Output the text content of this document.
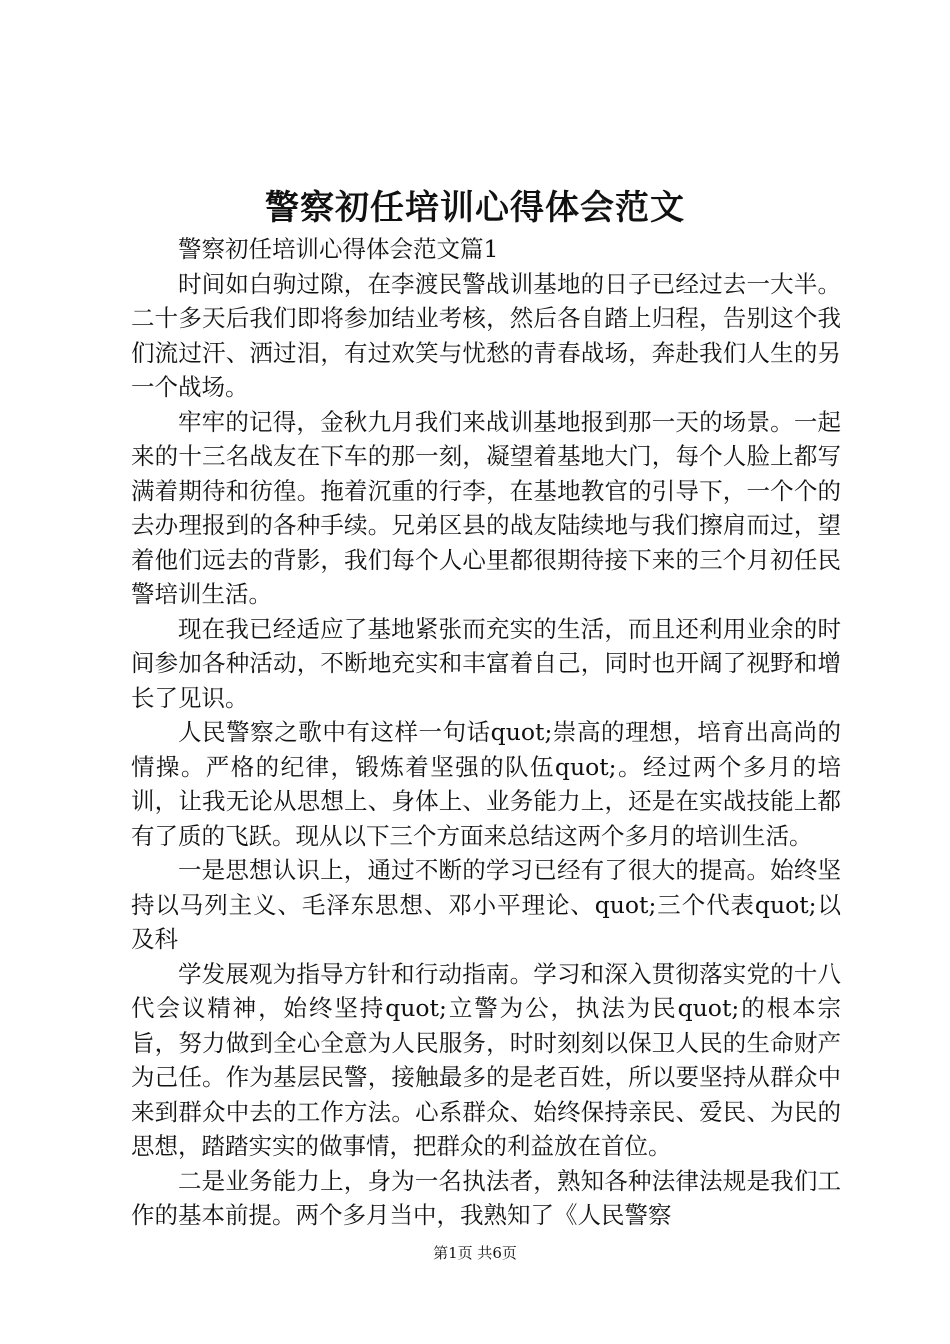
警察初任培训心得体会范文

警察初任培训心得体会范文篇1

时间如白驹过隙，在李渡民警战训基地的日子已经过去一大半。二十多天后我们即将参加结业考核，然后各自踏上归程，告别这个我们流过汗、洒过泪，有过欢笑与忧愁的青春战场，奔赴我们人生的另一个战场。

牢牢的记得，金秋九月我们来战训基地报到那一天的场景。一起来的十三名战友在下车的那一刻，凝望着基地大门，每个人脸上都写满着期待和彷徨。拖着沉重的行李，在基地教官的引导下，一个个的去办理报到的各种手续。兄弟区县的战友陆续地与我们擦肩而过，望着他们远去的背影，我们每个人心里都很期待接下来的三个月初任民警培训生活。

现在我已经适应了基地紧张而充实的生活，而且还利用业余的时间参加各种活动，不断地充实和丰富着自己，同时也开阔了视野和增长了见识。

人民警察之歌中有这样一句话quot;崇高的理想，培育出高尚的情操。严格的纪律，锻炼着坚强的队伍quot;。经过两个多月的培训，让我无论从思想上、身体上、业务能力上，还是在实战技能上都有了质的飞跃。现从以下三个方面来总结这两个多月的培训生活。

一是思想认识上，通过不断的学习已经有了很大的提高。始终坚持以马列主义、毛泽东思想、邓小平理论、quot;三个代表quot;以及科

学发展观为指导方针和行动指南。学习和深入贯彻落实党的十八代会议精神，始终坚持quot;立警为公，执法为民quot;的根本宗旨，努力做到全心全意为人民服务，时时刻刻以保卫人民的生命财产为己任。作为基层民警，接触最多的是老百姓，所以要坚持从群众中来到群众中去的工作方法。心系群众、始终保持亲民、爱民、为民的思想，踏踏实实的做事情，把群众的利益放在首位。

二是业务能力上，身为一名执法者，熟知各种法律法规是我们工作的基本前提。两个多月当中，我熟知了《人民警察

第1页 共6页
